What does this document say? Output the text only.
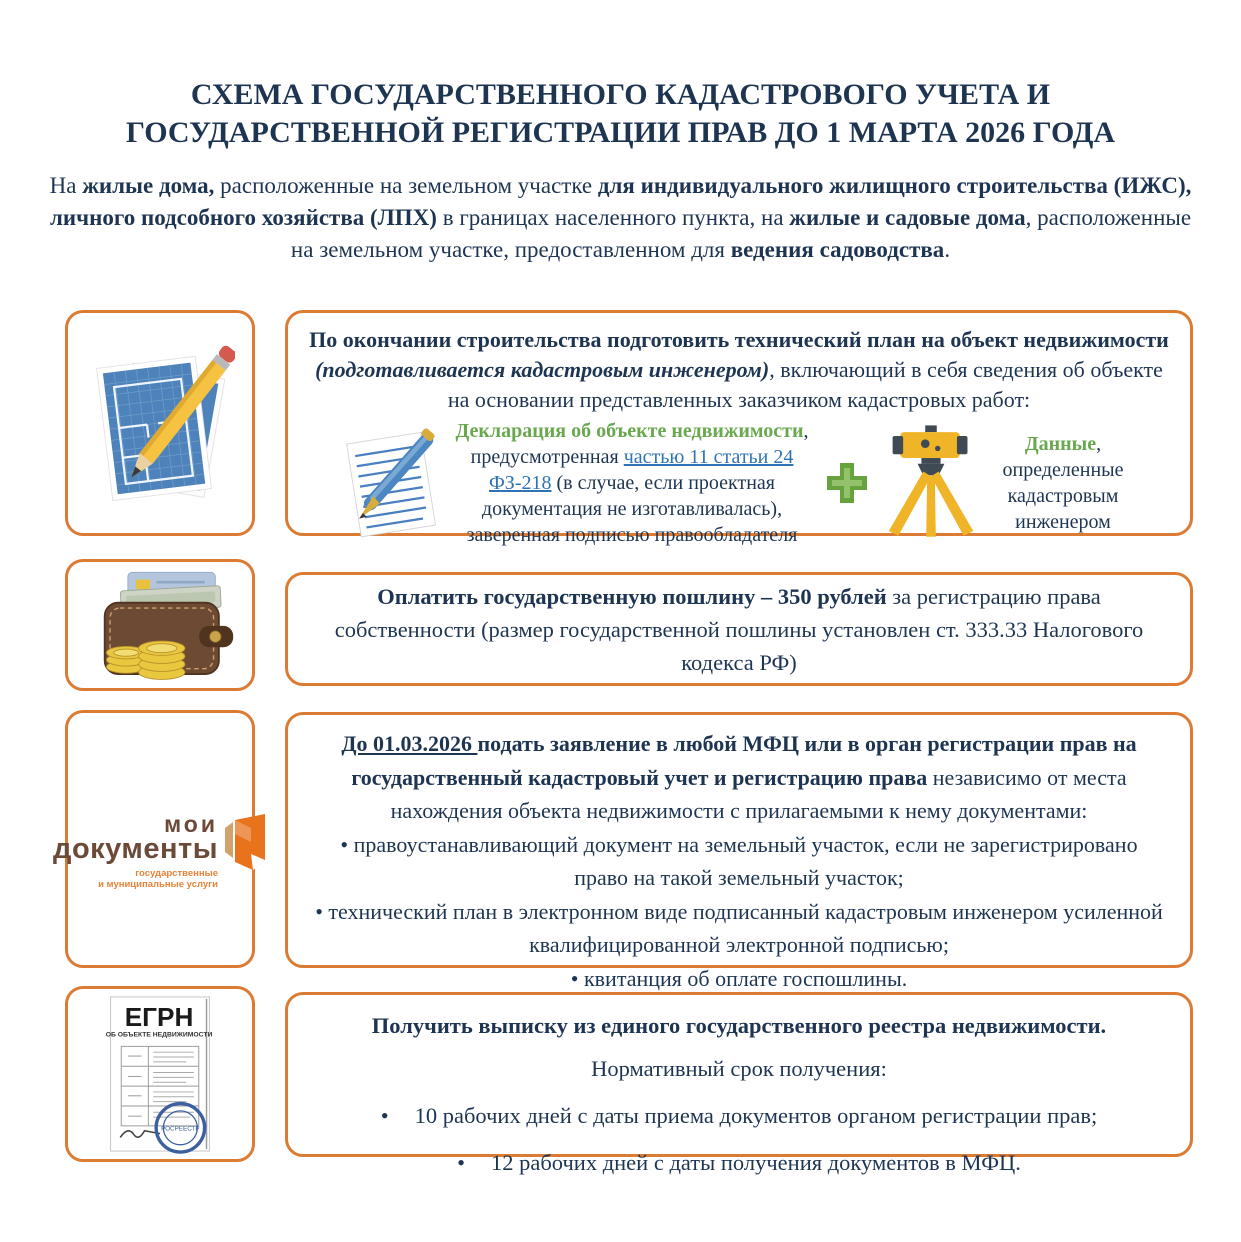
СХЕМА ГОСУДАРСТВЕННОГО КАДАСТРОВОГО УЧЕТА И ГОСУДАРСТВЕННОЙ РЕГИСТРАЦИИ ПРАВ ДО 1 МАРТА 2026 ГОДА
На жилые дома, расположенные на земельном участке для индивидуального жилищного строительства (ИЖС), личного подсобного хозяйства (ЛПХ) в границах населенного пункта, на жилые и садовые дома, расположенные на земельном участке, предоставленном для ведения садоводства.
По окончании строительства подготовить технический план на объект недвижимости (подготавливается кадастровым инженером), включающий в себя сведения об объекте на основании представленных заказчиком кадастровых работ:
Декларация об объекте недвижимости, предусмотренная частью 11 статьи 24 ФЗ-218 (в случае, если проектная документация не изготавливалась), заверенная подписью правообладателя
Данные, определенные кадастровым инженером
Оплатить государственную пошлину – 350 рублей за регистрацию права собственности (размер государственной пошлины установлен ст. 333.33 Налогового кодекса РФ)
мои
документы
государственные
и муниципальные услуги
До 01.03.2026 подать заявление в любой МФЦ или в орган регистрации прав на государственный кадастровый учет и регистрацию права независимо от места нахождения объекта недвижимости с прилагаемыми к нему документами:
• правоустанавливающий документ на земельный участок, если не зарегистрировано право на такой земельный участок;
• технический план в электронном виде подписанный кадастровым инженером усиленной квалифицированной электронной подписью;
• квитанция об оплате госпошлины.
ЕГРН
ОБ ОБЪЕКТЕ НЕДВИЖИМОСТИ
РОСРЕЕСТР
Получить выписку из единого государственного реестра недвижимости.
Нормативный срок получения:
• 10 рабочих дней с даты приема документов органом регистрации прав;
• 12 рабочих дней с даты получения документов в МФЦ.
